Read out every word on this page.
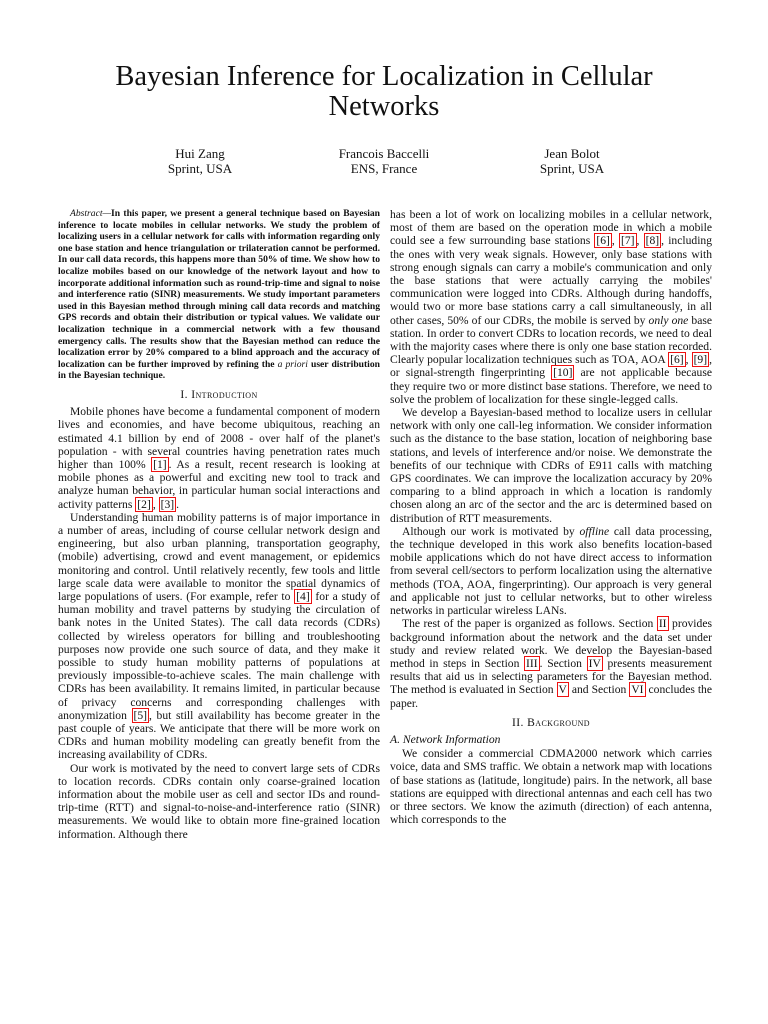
Bayesian Inference for Localization in Cellular Networks
Hui Zang
Sprint, USA
Francois Baccelli
ENS, France
Jean Bolot
Sprint, USA

Abstract—In this paper, we present a general technique based on Bayesian inference to locate mobiles in cellular networks. We study the problem of localizing users in a cellular network for calls with information regarding only one base station and hence triangulation or trilateration cannot be performed. In our call data records, this happens more than 50% of time. We show how to localize mobiles based on our knowledge of the network layout and how to incorporate additional information such as round-trip-time and signal to noise and interference ratio (SINR) measurements. We study important parameters used in this Bayesian method through mining call data records and matching GPS records and obtain their distribution or typical values. We validate our localization technique in a commercial network with a few thousand emergency calls. The results show that the Bayesian method can reduce the localization error by 20% compared to a blind approach and the accuracy of localization can be further improved by refining the a priori user distribution in the Bayesian technique.

I. Introduction

Mobile phones have become a fundamental component of modern lives and economies, and have become ubiquitous, reaching an estimated 4.1 billion by end of 2008 - over half of the planet's population - with several countries having penetration rates much higher than 100% [1] . As a result, recent research is looking at mobile phones as a powerful and exciting new tool to track and analyze human behavior, in particular human social interactions and activity patterns [2] , [3] .

Understanding human mobility patterns is of major importance in a number of areas, including of course cellular network design and engineering, but also urban planning, transportation geography, (mobile) advertising, crowd and event management, or epidemics monitoring and control. Until relatively recently, few tools and little large scale data were available to monitor the spatial dynamics of large populations of users. (For example, refer to [4] for a study of human mobility and travel patterns by studying the circulation of bank notes in the United States). The call data records (CDRs) collected by wireless operators for billing and troubleshooting purposes now provide one such source of data, and they make it possible to study human mobility patterns of populations at previously impossible-to-achieve scales. The main challenge with CDRs has been availability. It remains limited, in particular because of privacy concerns and corresponding challenges with anonymization [5] , but still availability has become greater in the past couple of years. We anticipate that there will be more work on CDRs and human mobility modeling can greatly benefit from the increasing availability of CDRs.

Our work is motivated by the need to convert large sets of CDRs to location records. CDRs contain only coarse-grained location information about the mobile user as cell and sector IDs and round-trip-time (RTT) and signal-to-noise-and-interference ratio (SINR) measurements. We would like to obtain more fine-grained location information. Although there

has been a lot of work on localizing mobiles in a cellular network, most of them are based on the operation mode in which a mobile could see a few surrounding base stations [6] , [7] , [8] , including the ones with very weak signals. However, only base stations with strong enough signals can carry a mobile's communication and only the base stations that were actually carrying the mobiles' communication were logged into CDRs. Although during handoffs, would two or more base stations carry a call simultaneously, in all other cases, 50% of our CDRs, the mobile is served by only one base station. In order to convert CDRs to location records, we need to deal with the majority cases where there is only one base station recorded. Clearly popular localization techniques such as TOA, AOA [6] , [9] , or signal-strength fingerprinting [10] are not applicable because they require two or more distinct base stations. Therefore, we need to solve the problem of localization for these single-legged calls.

We develop a Bayesian-based method to localize users in cellular network with only one call-leg information. We consider information such as the distance to the base station, location of neighboring base stations, and levels of interference and/or noise. We demonstrate the benefits of our technique with CDRs of E911 calls with matching GPS coordinates. We can improve the localization accuracy by 20% comparing to a blind approach in which a location is randomly chosen along an arc of the sector and the arc is determined based on distribution of RTT measurements.

Although our work is motivated by offline call data processing, the technique developed in this work also benefits location-based mobile applications which do not have direct access to information from several cell/sectors to perform localization using the alternative methods (TOA, AOA, fingerprinting). Our approach is very general and applicable not just to cellular networks, but to other wireless networks in particular wireless LANs.

The rest of the paper is organized as follows. Section II provides background information about the network and the data set under study and review related work. We develop the Bayesian-based method in steps in Section III . Section IV presents measurement results that aid us in selecting parameters for the Bayesian method. The method is evaluated in Section V and Section VI concludes the paper.

II. Background
A. Network Information

We consider a commercial CDMA2000 network which carries voice, data and SMS traffic. We obtain a network map with locations of base stations as (latitude, longitude) pairs. In the network, all base stations are equipped with directional antennas and each cell has two or three sectors. We know the azimuth (direction) of each antenna, which corresponds to the
